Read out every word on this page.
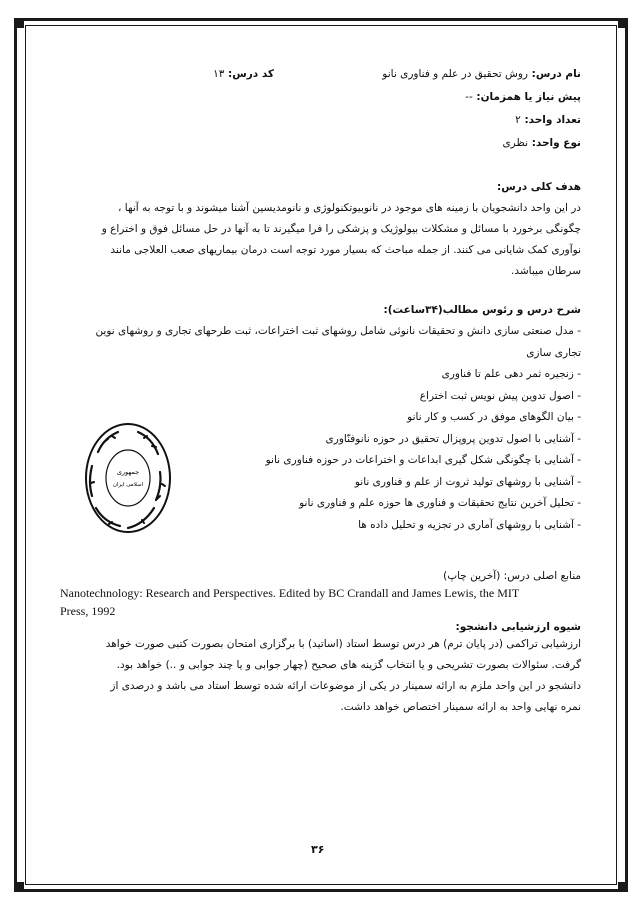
نام درس: روش تحقیق در علم و فناوری نانو
کد درس: ۱۳
پیش نیاز یا همزمان: --
تعداد واحد: ۲
نوع واحد: نظری
هدف کلی درس:

در این واحد دانشجویان با زمینه های موجود در نانوبیوتکنولوژی و نانومدیسین آشنا میشوند و با توجه به آنها ،

چگونگی برخورد با مسائل و مشکلات بیولوژیک و پزشکی را فرا میگیرند تا به آنها در حل مسائل فوق و اختراع و

نوآوری کمک شایانی می کنند. از جمله مباحث که بسیار مورد توجه است درمان بیماریهای صعب العلاجی مانند

سرطان میباشد.

شرح درس و رئوس مطالب(۳۴ساعت):
- مدل صنعتی سازی دانش و تحقیقات نانوئی شامل روشهای ثبت اختراعات، ثبت طرحهای تجاری و روشهای نوین
تجاری سازی
- زنجیره ثمر دهی علم تا فناوری
- اصول تدوین پیش نویس ثبت اختراع
- بیان الگوهای موفق در کسب و کار نانو
- آشنایی با اصول تدوین پروپزال تحقیق در حوزه نانوفنّاوری
- آشنایی با چگونگی شکل گیری ابداعات و اختراعات در حوزه فناوری نانو
- آشنایی با روشهای تولید ثروت از علم و فناوری نانو
- تحلیل آخرین نتایج تحقیقات و فناوری ها حوزه علم و فناوری نانو
- آشنایی با روشهای آماری در تجزیه و تحلیل داده ها
جمهوری
اسلامی ایران
منابع اصلی درس: (آخرین چاپ)
Nanotechnology: Research and Perspectives. Edited by BC Crandall and James Lewis, the MIT
Press, 1992
شیوه ارزشیابی دانشجو:

ارزشیابی تراکمی (در پایان ترم) هر درس توسط استاد (اساتید) با برگزاری امتحان بصورت کتبی صورت خواهد

گرفت. سئوالات بصورت تشریحی و یا انتخاب گزینه های صحیح (چهار جوابی و یا چند جوابی و ..) خواهد بود.

دانشجو در این واحد ملزم به ارائه سمینار در یکی از موضوعات ارائه شده توسط استاد می باشد و درصدی از

نمره نهایی واحد به ارائه سمینار اختصاص خواهد داشت.

۳۶
